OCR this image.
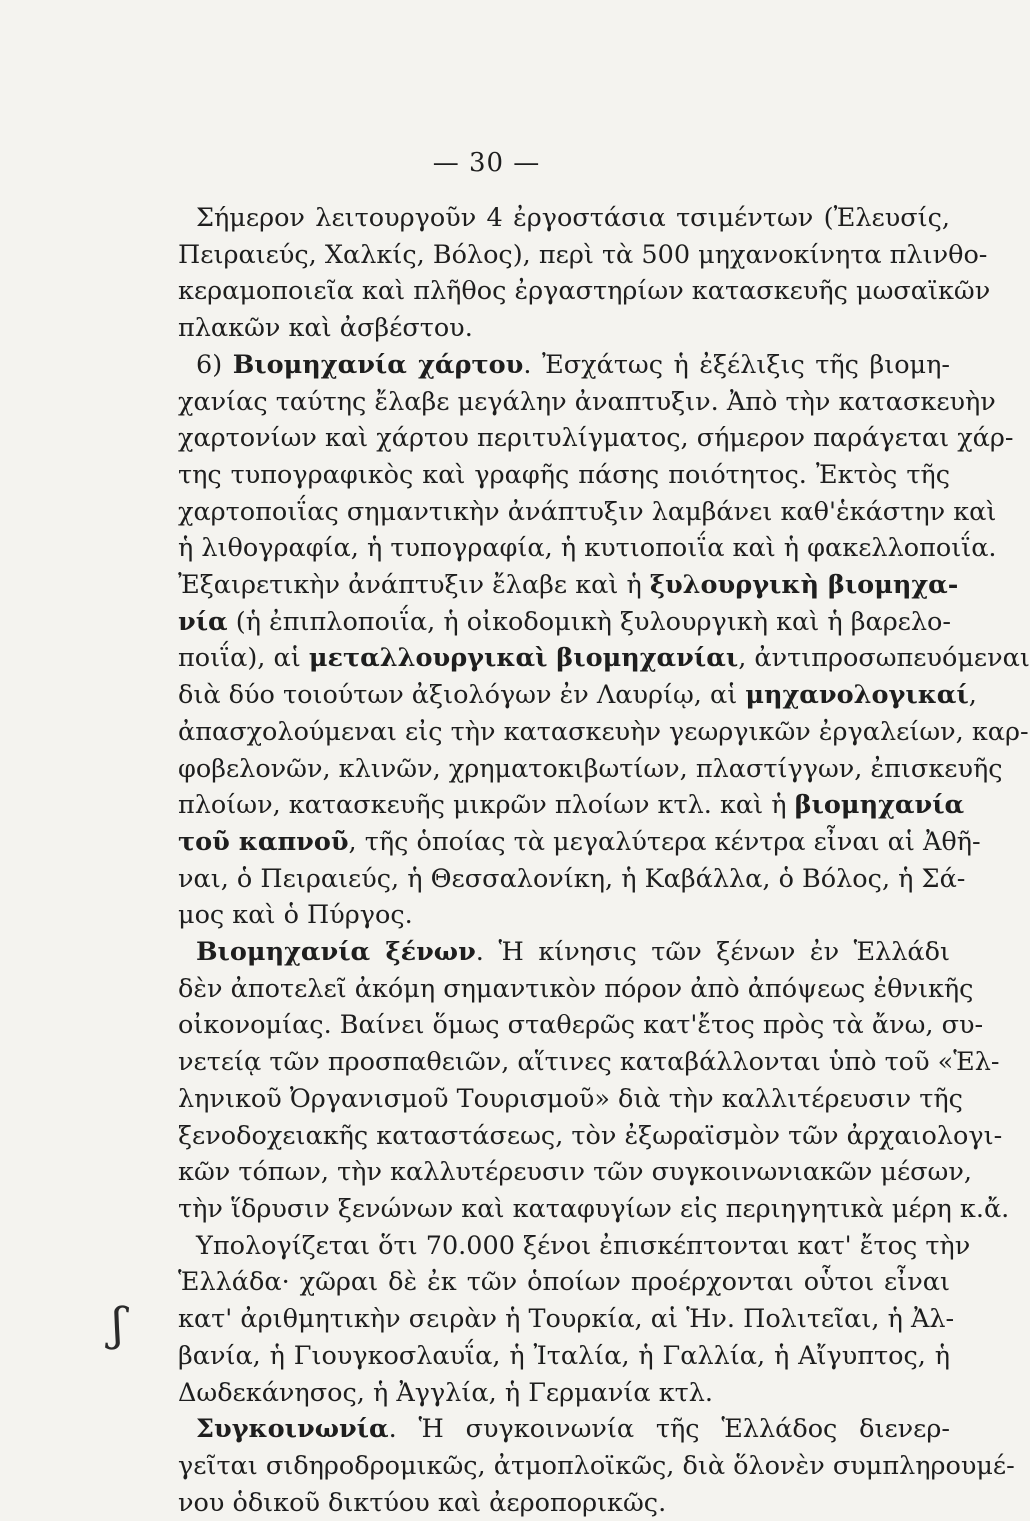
— 30 —
Σήμερον λειτουργοῦν 4 ἐργοστάσια τσιμέντων (Ἐλευσίς,
Πειραιεύς, Χαλκίς, Βόλος), περὶ τὰ 500 μηχανοκίνητα πλινθο-
κεραμοποιεῖα καὶ πλῆθος ἐργαστηρίων κατασκευῆς μωσαϊκῶν
πλακῶν καὶ ἀσβέστου.
6) Βιομηχανία χάρτου. Ἐσχάτως ἡ ἐξέλιξις τῆς βιομη-
χανίας ταύτης ἔλαβε μεγάλην ἀναπτυξιν. Ἀπὸ τὴν κατασκευὴν
χαρτονίων καὶ χάρτου περιτυλίγματος, σήμερον παράγεται χάρ-
της τυπογραφικὸς καὶ γραφῆς πάσης ποιότητος. Ἐκτὸς τῆς
χαρτοποιΐας σημαντικὴν ἀνάπτυξιν λαμβάνει καθ'ἑκάστην καὶ
ἡ λιθογραφία, ἡ τυπογραφία, ἡ κυτιοποιΐα καὶ ἡ φακελλοποιΐα.
Ἐξαιρετικὴν ἀνάπτυξιν ἔλαβε καὶ ἡ ξυλουργικὴ βιομηχα-
νία (ἡ ἐπιπλοποιΐα, ἡ οἰκοδομικὴ ξυλουργικὴ καὶ ἡ βαρελο-
ποιΐα), αἱ μεταλλουργικαὶ βιομηχανίαι, ἀντιπροσωπευόμεναι
διὰ δύο τοιούτων ἀξιολόγων ἐν Λαυρίῳ, αἱ μηχανολογικαί,
ἀπασχολούμεναι εἰς τὴν κατασκευὴν γεωργικῶν ἐργαλείων, καρ-
φοβελονῶν, κλινῶν, χρηματοκιβωτίων, πλαστίγγων, ἐπισκευῆς
πλοίων, κατασκευῆς μικρῶν πλοίων κτλ. καὶ ἡ βιομηχανία
τοῦ καπνοῦ, τῆς ὁποίας τὰ μεγαλύτερα κέντρα εἶναι αἱ Ἀθῆ-
ναι, ὁ Πειραιεύς, ἡ Θεσσαλονίκη, ἡ Καβάλλα, ὁ Βόλος, ἡ Σά-
μος καὶ ὁ Πύργος.
Βιομηχανία ξένων. Ἡ κίνησις τῶν ξένων ἐν Ἑλλάδι
δὲν ἀποτελεῖ ἀκόμη σημαντικὸν πόρον ἀπὸ ἀπόψεως ἐθνικῆς
οἰκονομίας. Βαίνει ὅμως σταθερῶς κατ'ἔτος πρὸς τὰ ἄνω, συ-
νετείᾳ τῶν προσπαθειῶν, αἵτινες καταβάλλονται ὑπὸ τοῦ «Ἑλ-
ληνικοῦ Ὀργανισμοῦ Τουρισμοῦ» διὰ τὴν καλλιτέρευσιν τῆς
ξενοδοχειακῆς καταστάσεως, τὸν ἐξωραϊσμὸν τῶν ἀρχαιολογι-
κῶν τόπων, τὴν καλλυτέρευσιν τῶν συγκοινωνιακῶν μέσων,
τὴν ἵδρυσιν ξενώνων καὶ καταφυγίων εἰς περιηγητικὰ μέρη κ.ἄ.
Υπολογίζεται ὅτι 70.000 ξένοι ἐπισκέπτονται κατ' ἔτος τὴν
Ἑλλάδα· χῶραι δὲ ἐκ τῶν ὁποίων προέρχονται οὗτοι εἶναι
κατ' ἀριθμητικὴν σειρὰν ἡ Τουρκία, αἱ Ἡν. Πολιτεῖαι, ἡ Ἀλ-
βανία, ἡ Γιουγκοσλαυΐα, ἡ Ἰταλία, ἡ Γαλλία, ἡ Αἴγυπτος, ἡ
Δωδεκάνησος, ἡ Ἀγγλία, ἡ Γερμανία κτλ.
Συγκοινωνία. Ἡ συγκοινωνία τῆς Ἑλλάδος διενερ-
γεῖται σιδηροδρομικῶς, ἀτμοπλοϊκῶς, διὰ ὅλονὲν συμπληρουμέ-
νου ὁδικοῦ δικτύου καὶ ἀεροπορικῶς.
ʃ
